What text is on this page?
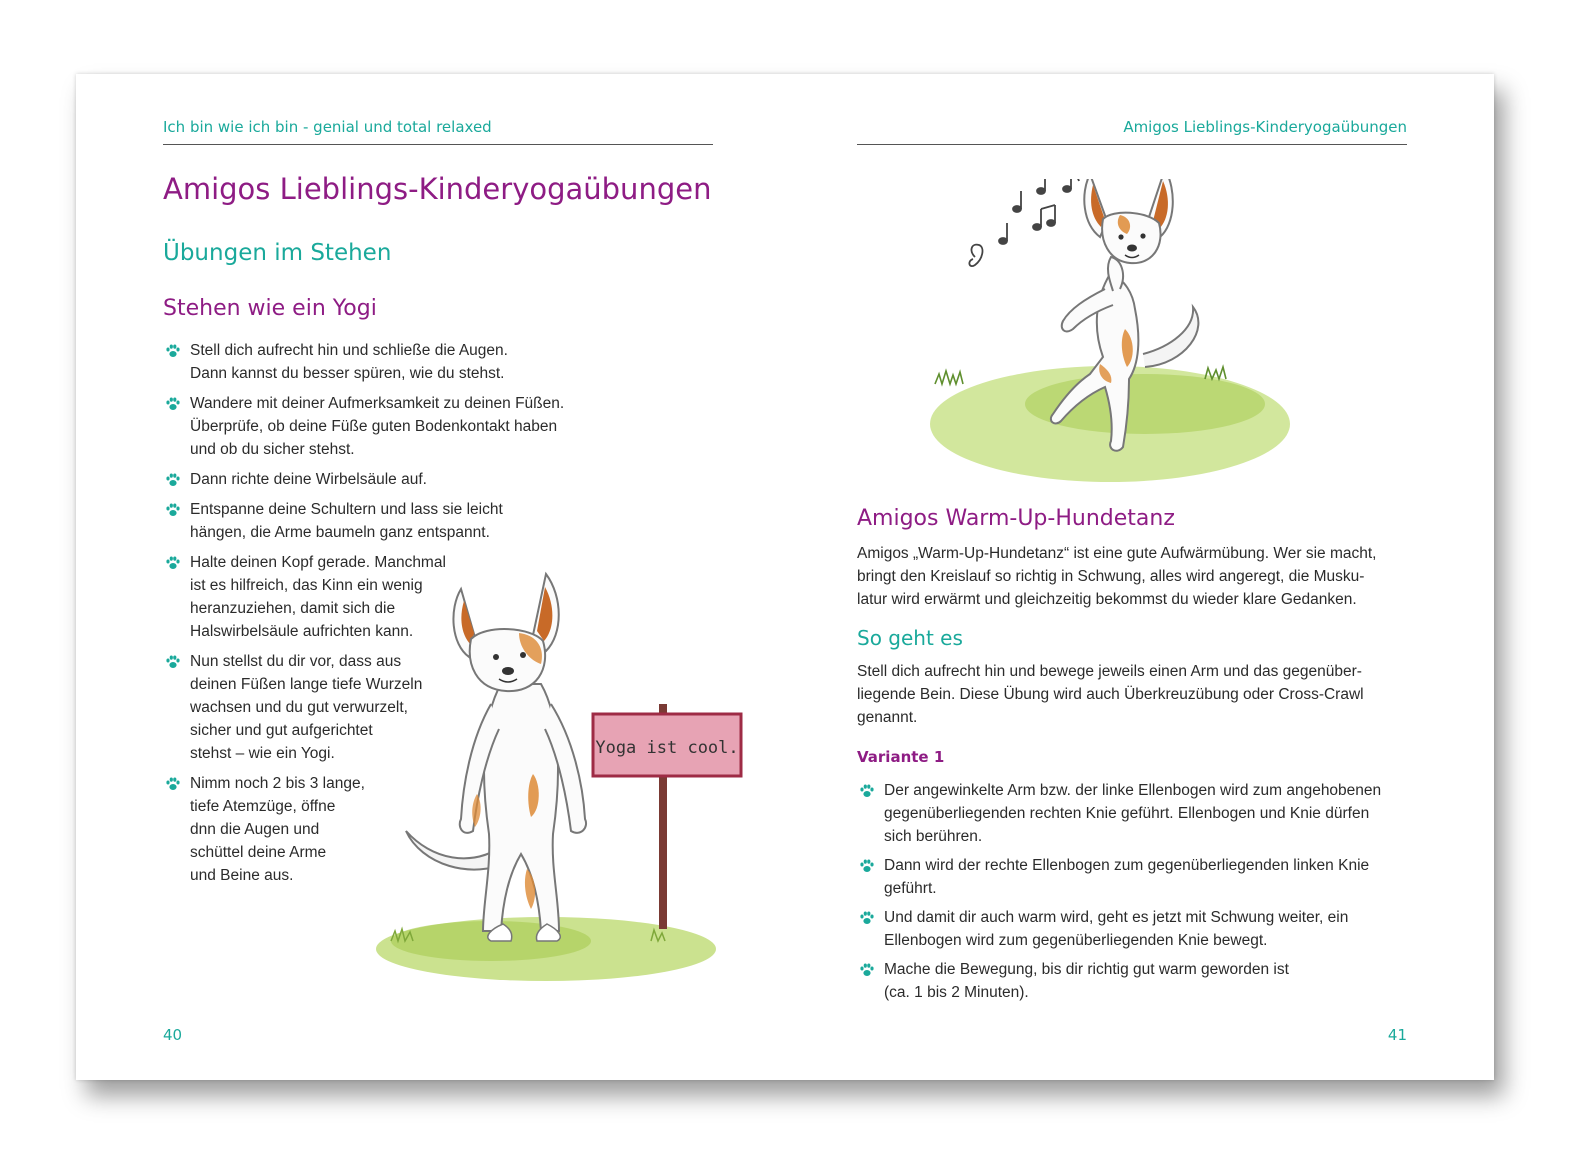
Ich bin wie ich bin - genial und total relaxed
Amigos Lieblings-Kinderyogaübungen
Übungen im Stehen
Stehen wie ein Yogi
Stell dich aufrecht hin und schließe die Augen.
Dann kannst du besser spüren, wie du stehst.
Wandere mit deiner Aufmerksamkeit zu deinen Füßen.
Überprüfe, ob deine Füße guten Bodenkontakt haben
und ob du sicher stehst.
Dann richte deine Wirbelsäule auf.
Entspanne deine Schultern und lass sie leicht
hängen, die Arme baumeln ganz entspannt.
Halte deinen Kopf gerade. Manchmal
ist es hilfreich, das Kinn ein wenig
heranzuziehen, damit sich die
Halswirbelsäule aufrichten kann.
Nun stellst du dir vor, dass aus
deinen Füßen lange tiefe Wurzeln
wachsen und du gut verwurzelt,
sicher und gut aufgerichtet
stehst – wie ein Yogi.
Nimm noch 2 bis 3 lange,
tiefe Atemzüge, öffne
dnn die Augen und
schüttel deine Arme
und Beine aus.
Yoga ist cool.
40
Amigos Lieblings-Kinderyogaübungen
Amigos Warm-Up-Hundetanz
Amigos „Warm-Up-Hundetanz“ ist eine gute Aufwärmübung. Wer sie macht,
bringt den Kreislauf so richtig in Schwung, alles wird angeregt, die Musku-
latur wird erwärmt und gleichzeitig bekommst du wieder klare Gedanken.
So geht es
Stell dich aufrecht hin und bewege jeweils einen Arm und das gegenüber-
liegende Bein. Diese Übung wird auch Überkreuzübung oder Cross-Crawl
genannt.
Variante 1
Der angewinkelte Arm bzw. der linke Ellenbogen wird zum angehobenen
gegenüberliegenden rechten Knie geführt. Ellenbogen und Knie dürfen
sich berühren.
Dann wird der rechte Ellenbogen zum gegenüberliegenden linken Knie
geführt.
Und damit dir auch warm wird, geht es jetzt mit Schwung weiter, ein
Ellenbogen wird zum gegenüberliegenden Knie bewegt.
Mache die Bewegung, bis dir richtig gut warm geworden ist
(ca. 1 bis 2 Minuten).
41
